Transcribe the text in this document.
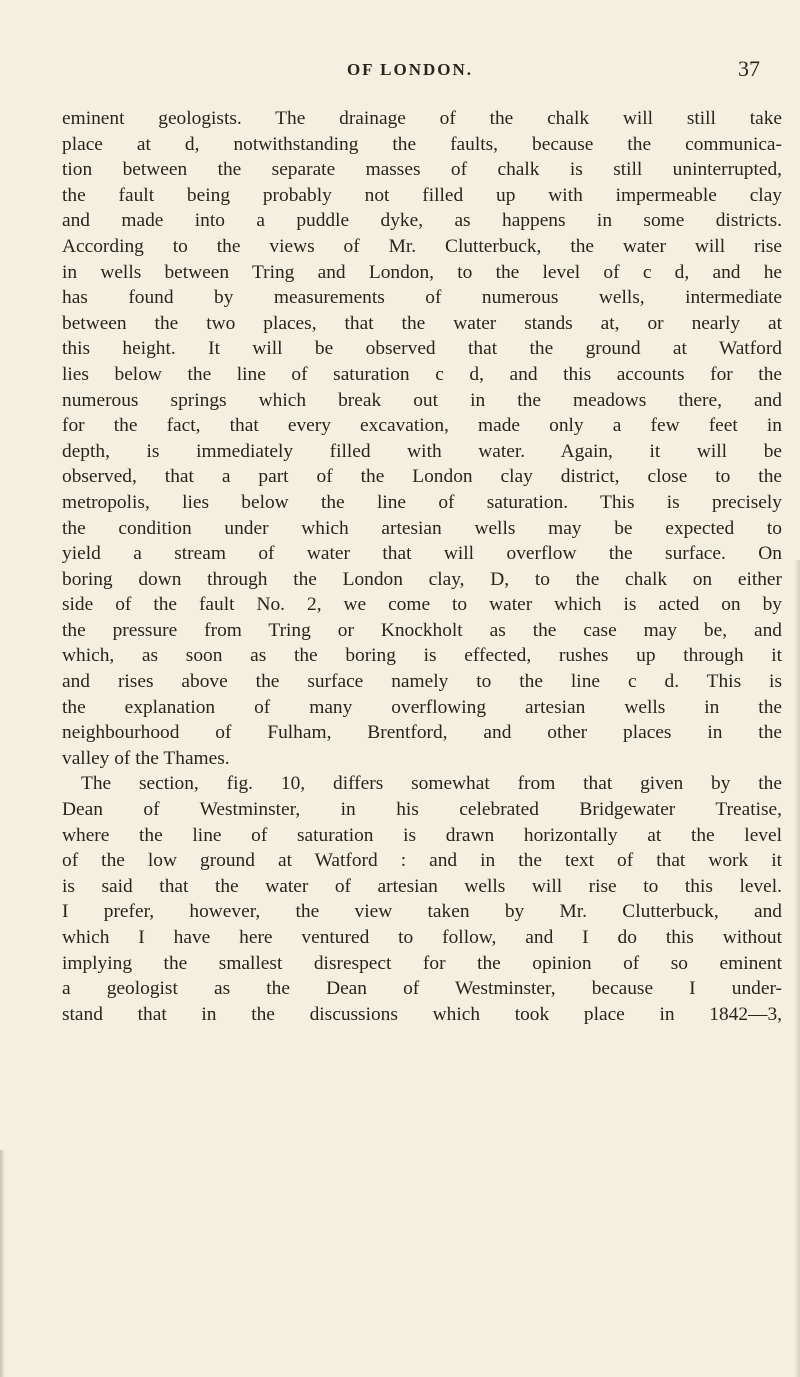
OF LONDON.	37
eminent geologists. The drainage of the chalk will still take
place at d, notwithstanding the faults, because the communica-
tion between the separate masses of chalk is still uninterrupted,
the fault being probably not filled up with impermeable clay
and made into a puddle dyke, as happens in some districts.
According to the views of Mr. Clutterbuck, the water will rise
in wells between Tring and London, to the level of c d, and he
has found by measurements of numerous wells, intermediate
between the two places, that the water stands at, or nearly at
this height. It will be observed that the ground at Watford
lies below the line of saturation c d, and this accounts for the
numerous springs which break out in the meadows there, and
for the fact, that every excavation, made only a few feet in
depth, is immediately filled with water. Again, it will be
observed, that a part of the London clay district, close to the
metropolis, lies below the line of saturation. This is precisely
the condition under which artesian wells may be expected to
yield a stream of water that will overflow the surface. On
boring down through the London clay, D, to the chalk on either
side of the fault No. 2, we come to water which is acted on by
the pressure from Tring or Knockholt as the case may be, and
which, as soon as the boring is effected, rushes up through it
and rises above the surface namely to the line c d. This is
the explanation of many overflowing artesian wells in the
neighbourhood of Fulham, Brentford, and other places in the
valley of the Thames.
The section, fig. 10, differs somewhat from that given by the
Dean of Westminster, in his celebrated Bridgewater Treatise,
where the line of saturation is drawn horizontally at the level
of the low ground at Watford : and in the text of that work it
is said that the water of artesian wells will rise to this level.
I prefer, however, the view taken by Mr. Clutterbuck, and
which I have here ventured to follow, and I do this without
implying the smallest disrespect for the opinion of so eminent
a geologist as the Dean of Westminster, because I under-
stand that in the discussions which took place in 1842—3,
